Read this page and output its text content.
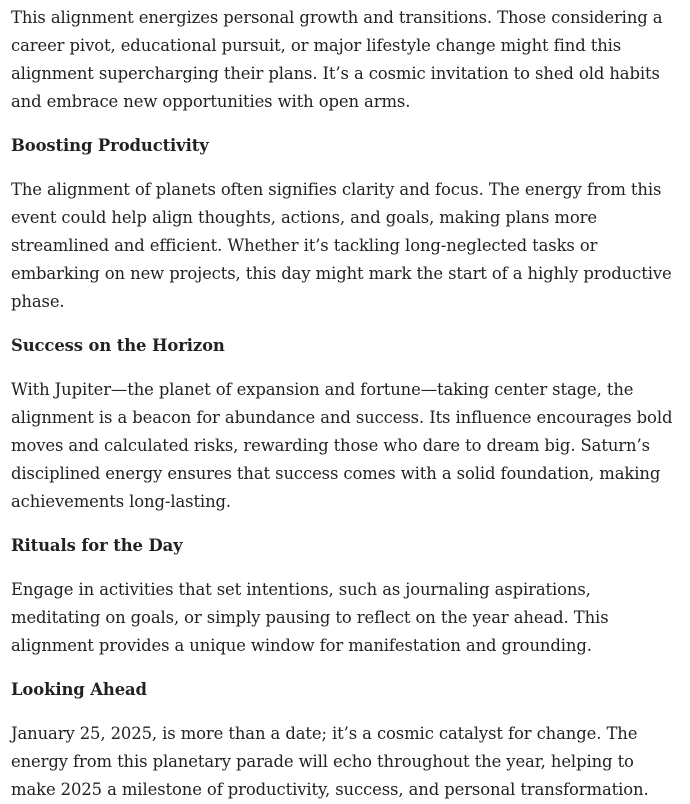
This alignment energizes personal growth and transitions. Those considering a career pivot, educational pursuit, or major lifestyle change might find this alignment supercharging their plans. It’s a cosmic invitation to shed old habits and embrace new opportunities with open arms.

Boosting Productivity

The alignment of planets often signifies clarity and focus. The energy from this event could help align thoughts, actions, and goals, making plans more streamlined and efficient. Whether it’s tackling long-neglected tasks or embarking on new projects, this day might mark the start of a highly productive phase.

Success on the Horizon

With Jupiter—the planet of expansion and fortune—taking center stage, the alignment is a beacon for abundance and success. Its influence encourages bold moves and calculated risks, rewarding those who dare to dream big. Saturn’s disciplined energy ensures that success comes with a solid foundation, making achievements long-lasting.

Rituals for the Day

Engage in activities that set intentions, such as journaling aspirations, meditating on goals, or simply pausing to reflect on the year ahead. This alignment provides a unique window for manifestation and grounding.

Looking Ahead

January 25, 2025, is more than a date; it’s a cosmic catalyst for change. The energy from this planetary parade will echo throughout the year, helping to make 2025 a milestone of productivity, success, and personal transformation.
